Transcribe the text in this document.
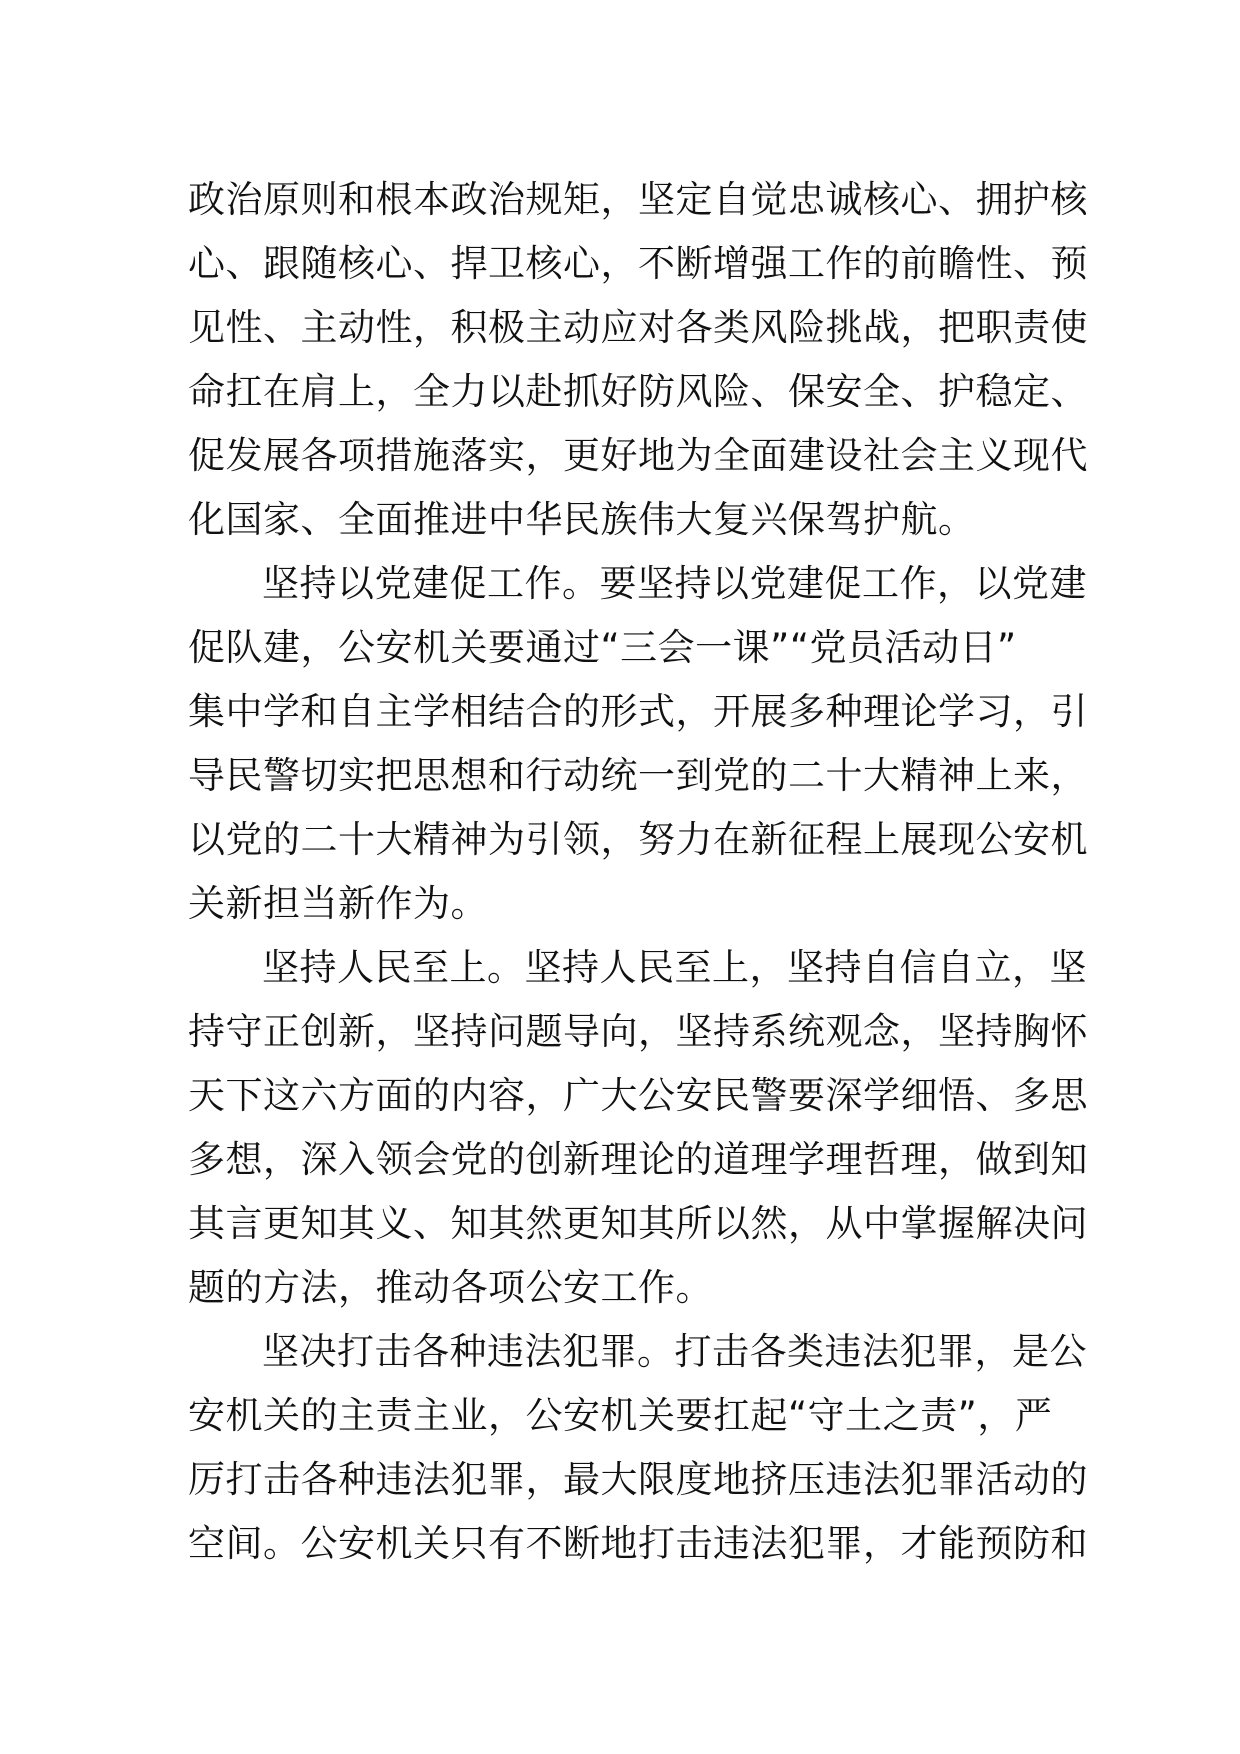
政治原则和根本政治规矩，坚定自觉忠诚核心、拥护核
心、跟随核心、捍卫核心，不断增强工作的前瞻性、预
见性、主动性，积极主动应对各类风险挑战，把职责使
命扛在肩上，全力以赴抓好防风险、保安全、护稳定、
促发展各项措施落实，更好地为全面建设社会主义现代
化国家、全面推进中华民族伟大复兴保驾护航。
坚持以党建促工作。要坚持以党建促工作，以党建
促队建，公安机关要通过“三会一课”“党员活动日”
集中学和自主学相结合的形式，开展多种理论学习，引
导民警切实把思想和行动统一到党的二十大精神上来，
以党的二十大精神为引领，努力在新征程上展现公安机
关新担当新作为。
坚持人民至上。坚持人民至上，坚持自信自立，坚
持守正创新，坚持问题导向，坚持系统观念，坚持胸怀
天下这六方面的内容，广大公安民警要深学细悟、多思
多想，深入领会党的创新理论的道理学理哲理，做到知
其言更知其义、知其然更知其所以然，从中掌握解决问
题的方法，推动各项公安工作。
坚决打击各种违法犯罪。打击各类违法犯罪，是公
安机关的主责主业，公安机关要扛起“守土之责”，严
厉打击各种违法犯罪，最大限度地挤压违法犯罪活动的
空间。公安机关只有不断地打击违法犯罪，才能预防和
